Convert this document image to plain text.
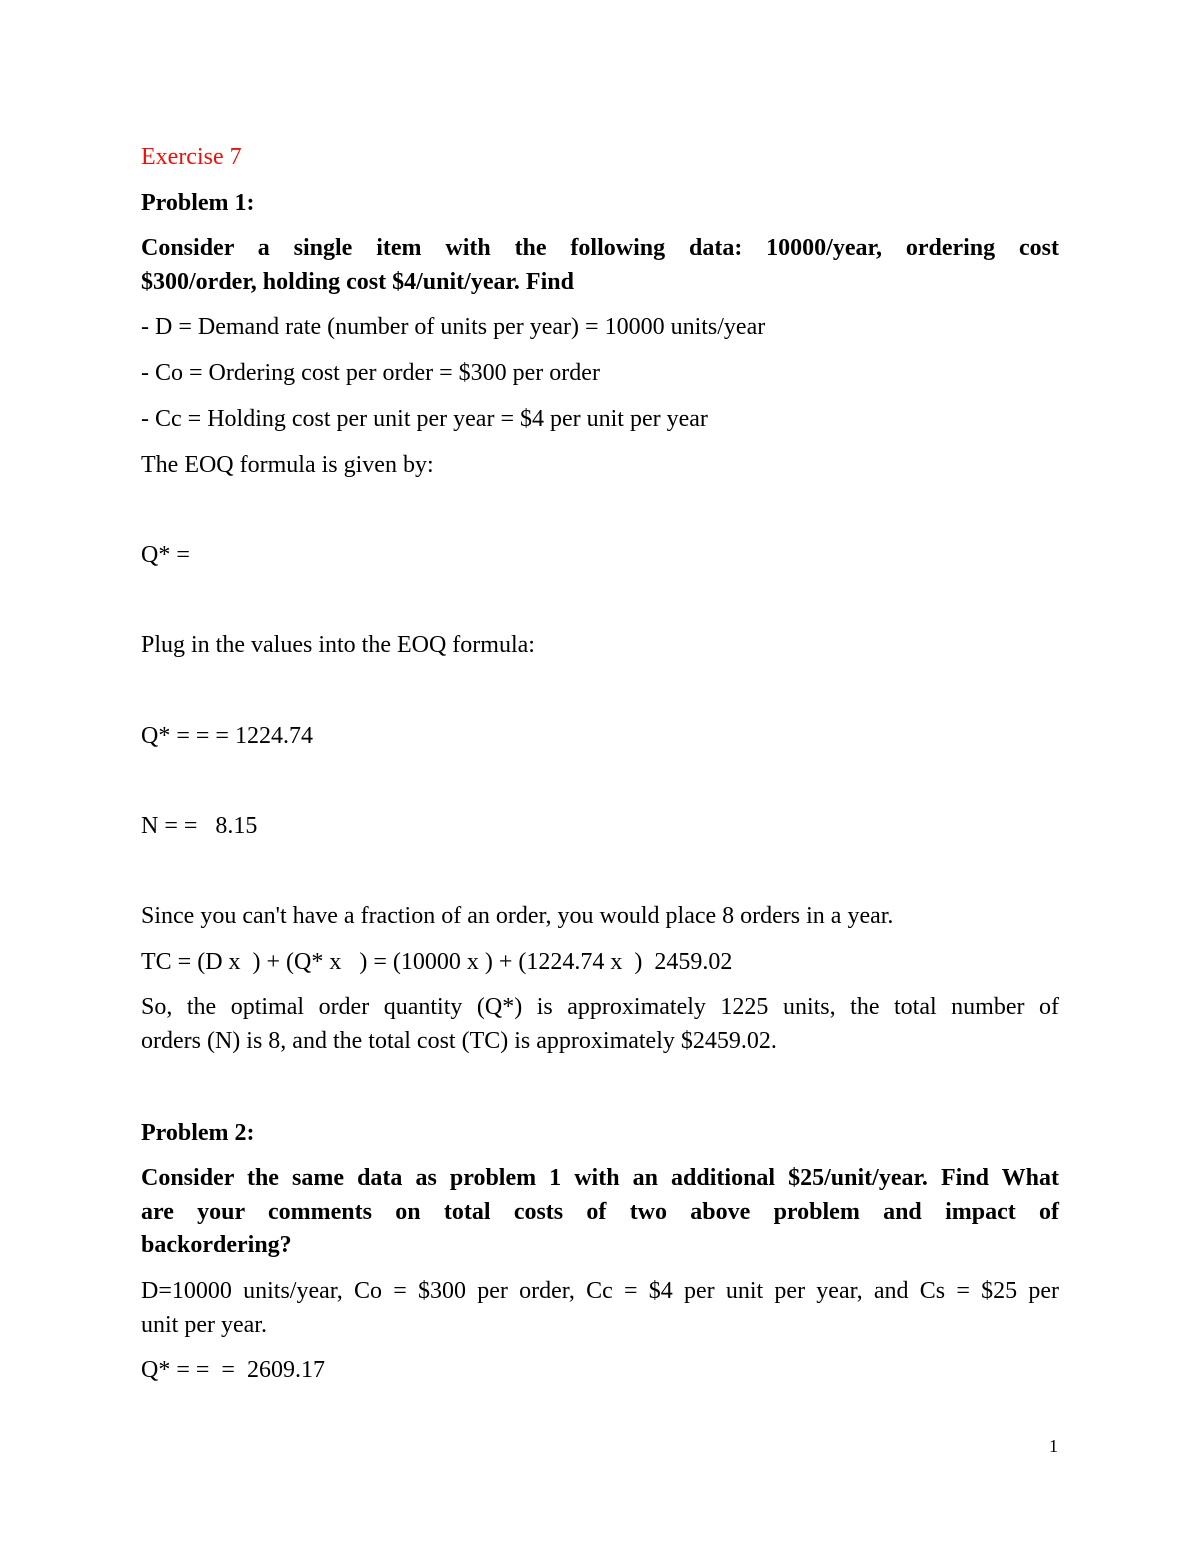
Exercise 7
Problem 1:
Consider a single item with the following data: 10000/year, ordering cost
$300/order, holding cost $4/unit/year. Find
- D = Demand rate (number of units per year) = 10000 units/year
- Co = Ordering cost per order = $300 per order
- Cc = Holding cost per unit per year = $4 per unit per year
The EOQ formula is given by:
Q* =
Plug in the values into the EOQ formula:
Q* = = = 1224.74
N = =   8.15
Since you can't have a fraction of an order, you would place 8 orders in a year.
TC = (D x  ) + (Q* x   ) = (10000 x ) + (1224.74 x  )  2459.02
So, the optimal order quantity (Q*) is approximately 1225 units, the total number of
orders (N) is 8, and the total cost (TC) is approximately $2459.02.
Problem 2:
Consider the same data as problem 1 with an additional $25/unit/year. Find What
are your comments on total costs of two above problem and impact of
backordering?
D=10000 units/year, Co = $300 per order, Cc = $4 per unit per year, and Cs = $25 per
unit per year.
Q* = =  =  2609.17
1
